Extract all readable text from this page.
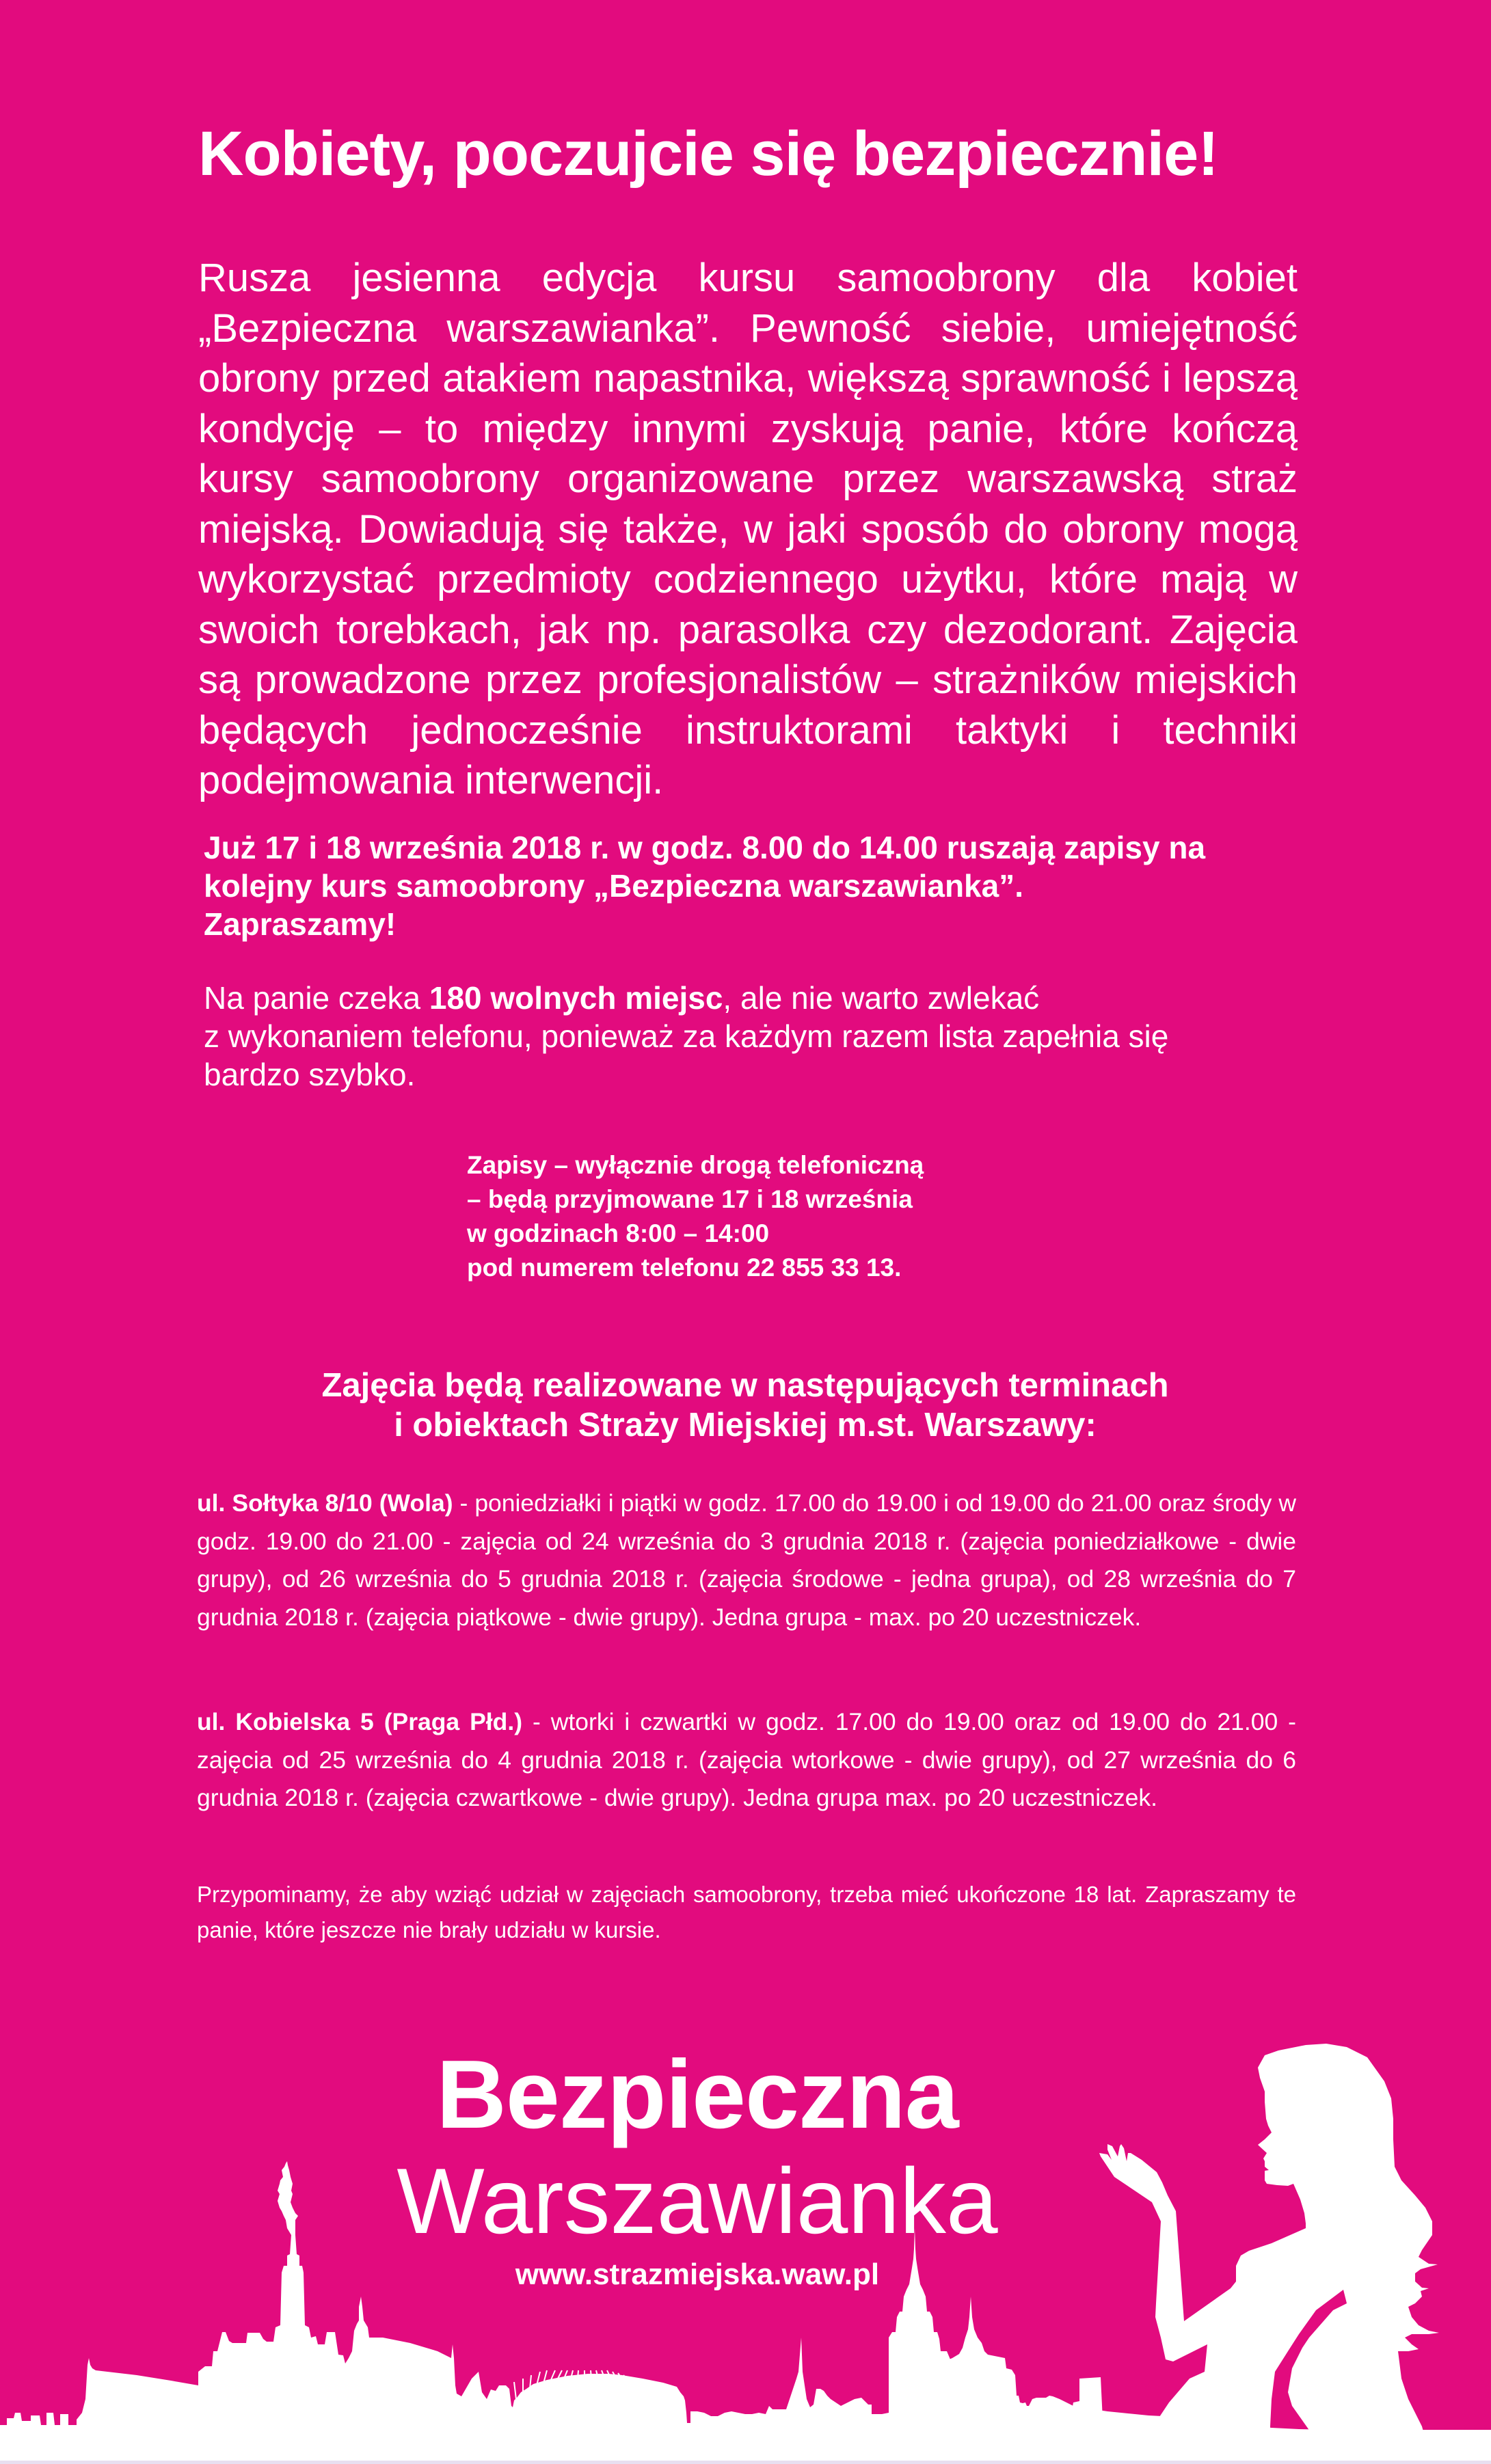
Kobiety, poczujcie się bezpiecznie!
Rusza jesienna edycja kursu samoobrony dla kobiet „Bezpieczna warszawianka”. Pewność siebie, umiejętność obrony przed atakiem napastnika, większą sprawność i lepszą kondycję – to między innymi zyskują panie, które kończą kursy samoobrony organizowane przez warszawską straż miejską. Dowiadują się także, w jaki sposób do obrony mogą wykorzystać przedmioty codziennego użytku, które mają w swoich torebkach, jak np. parasolka czy dezodorant. Zajęcia są prowadzone przez profesjonalistów – strażników miejskich będących jednocześnie instruktorami taktyki i techniki podejmowania interwencji.
Już 17 i 18 września 2018 r. w godz. 8.00 do 14.00 ruszają zapisy na
kolejny kurs samoobrony „Bezpieczna warszawianka”.
Zapraszamy!
Na panie czeka 180 wolnych miejsc, ale nie warto zwlekać
z wykonaniem telefonu, ponieważ za każdym razem lista zapełnia się
bardzo szybko.
Zapisy – wyłącznie drogą telefoniczną
– będą przyjmowane 17 i 18 września
w godzinach 8:00 – 14:00
pod numerem telefonu 22 855 33 13.
Zajęcia będą realizowane w następujących terminach
i obiektach Straży Miejskiej m.st. Warszawy:
ul. Sołtyka 8/10 (Wola) - poniedziałki i piątki w godz. 17.00 do 19.00 i od 19.00 do 21.00 oraz środy w godz. 19.00 do 21.00 - zajęcia od 24 września do 3 grudnia 2018 r. (zajęcia poniedziałkowe - dwie grupy), od 26 września do 5 grudnia 2018 r. (zajęcia środowe - jedna grupa), od 28 września do 7 grudnia 2018 r. (zajęcia piątkowe - dwie grupy). Jedna grupa - max. po 20 uczestniczek.
ul. Kobielska 5 (Praga Płd.) - wtorki i czwartki w godz. 17.00 do 19.00 oraz od 19.00 do 21.00 - zajęcia od 25 września do 4 grudnia 2018 r. (zajęcia wtorkowe - dwie grupy), od 27 września do 6 grudnia 2018 r. (zajęcia czwartkowe - dwie grupy). Jedna grupa max. po 20 uczestniczek.
Przypominamy, że aby wziąć udział w zajęciach samoobrony, trzeba mieć ukończone 18 lat. Zapraszamy te panie, które jeszcze nie brały udziału w kursie.
Bezpieczna
Warszawianka
www.strazmiejska.waw.pl
